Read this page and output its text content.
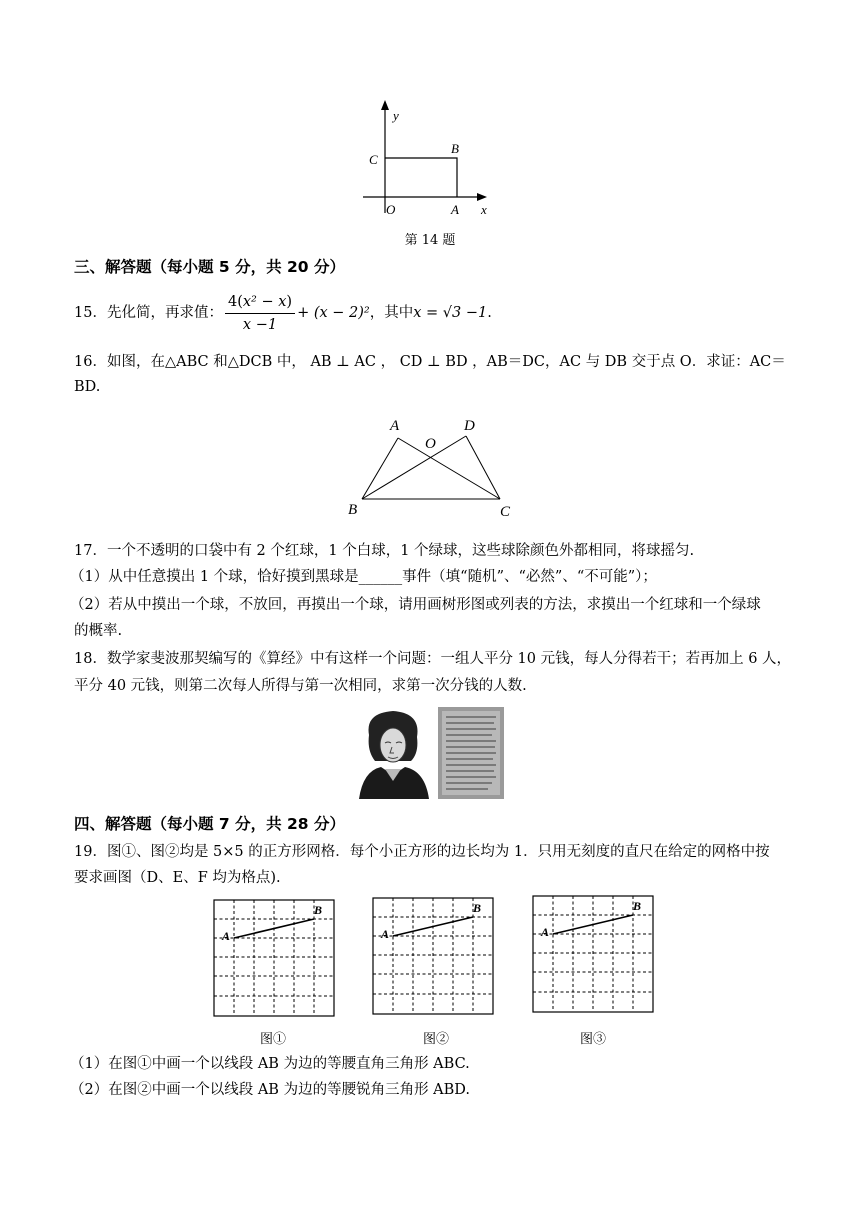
y
x
C
B
O	A
第 14 题
三、解答题（每小题 5 分，共 20 分）
15．先化简，再求值： $\frac{\text{4(x² − x)}}{x -1} + (x - 2)^2$，其中x = √3 −1.
16．如图，在△ABC 和△DCB 中， AB ⊥ AC ， CD ⊥ BD ，AB＝DC，AC 与 DB 交于点 O．求证：AC＝
BD.
A
O
D
B	C
17．一个不透明的口袋中有 2 个红球，1 个白球，1 个绿球，这些球除颜色外都相同，将球摇匀.
（1）从中任意摸出 1 个球，恰好摸到黑球是______事件（填“随机”、“必然”、“不可能”）；
（2）若从中摸出一个球，不放回，再摸出一个球，请用画树形图或列表的方法，求摸出一个红球和一个绿球
的概率.
18．数学家斐波那契编写的《算经》中有这样一个问题：一组人平分 10 元钱，每人分得若干；若再加上 6 人，
平分 40 元钱，则第二次每人所得与第一次相同，求第一次分钱的人数.
四、解答题（每小题 7 分，共 28 分）
19．图①、图②均是 5×5 的正方形网格．每个小正方形的边长均为 1．只用无刻度的直尺在给定的网格中按
要求画图（D、E、F 均为格点).
A
B
图①
A
B
图②
A
B
图③
（1）在图①中画一个以线段 AB 为边的等腰直角三角形 ABC.
（2）在图②中画一个以线段 AB 为边的等腰锐角三角形 ABD.
